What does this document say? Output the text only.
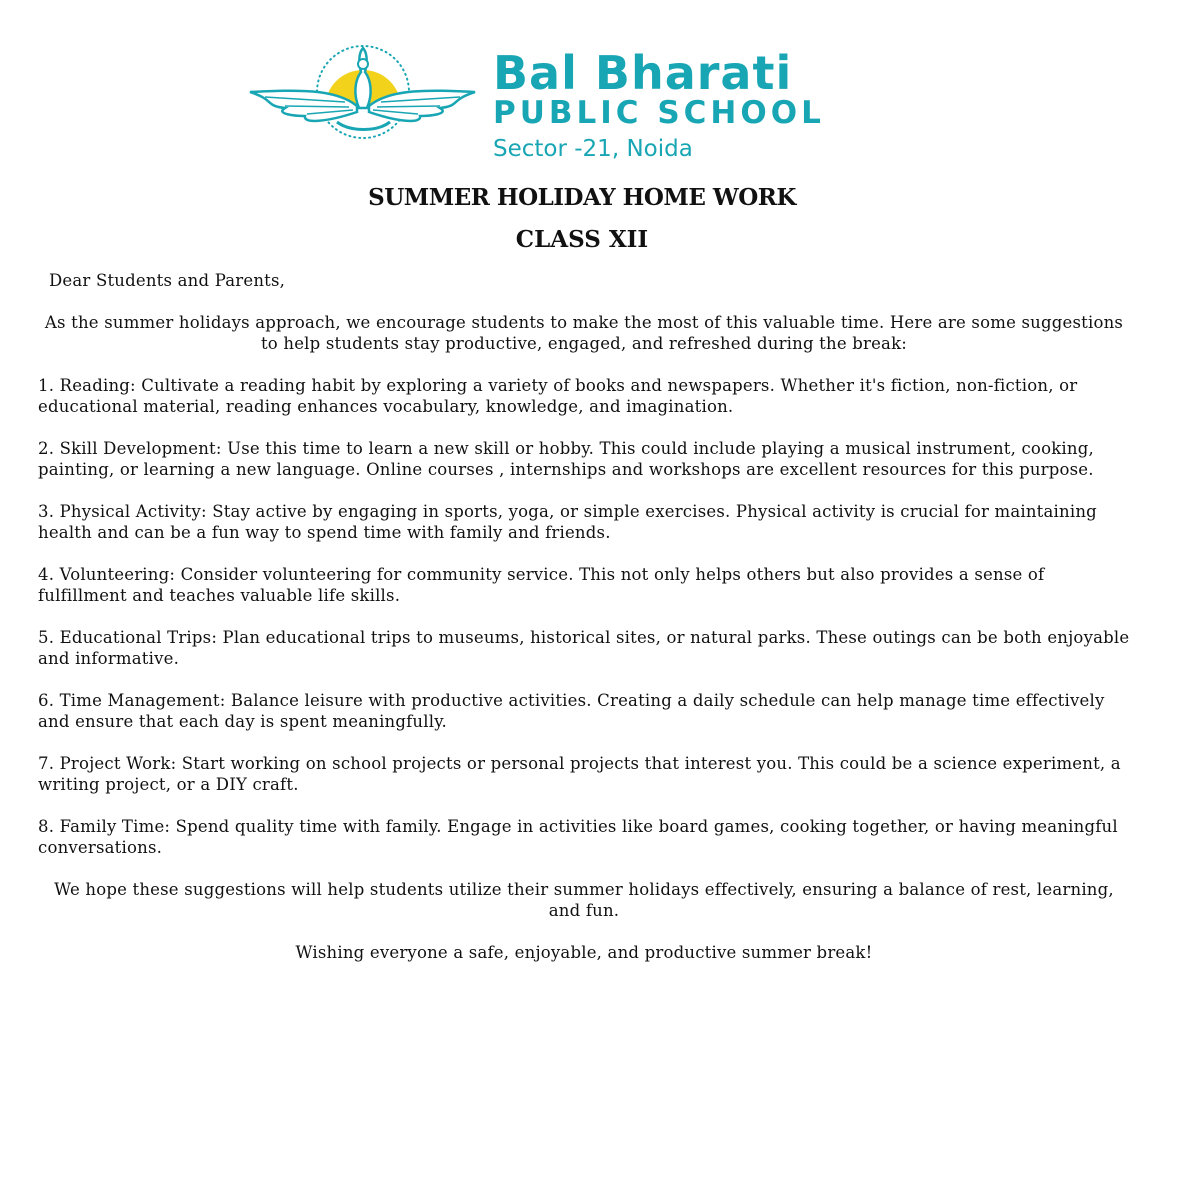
Bal Bharati
PUBLIC SCHOOL
Sector -21, Noida
SUMMER HOLIDAY HOME WORK
CLASS XII

Dear Students and Parents,

As the summer holidays approach, we encourage students to make the most of this valuable time. Here are some suggestions to help students stay productive, engaged, and refreshed during the break:

1. Reading: Cultivate a reading habit by exploring a variety of books and newspapers. Whether it's fiction, non-fiction, or educational material, reading enhances vocabulary, knowledge, and imagination.

2. Skill Development: Use this time to learn a new skill or hobby. This could include playing a musical instrument, cooking, painting, or learning a new language. Online courses , internships and workshops are excellent resources for this purpose.

3. Physical Activity: Stay active by engaging in sports, yoga, or simple exercises. Physical activity is crucial for maintaining health and can be a fun way to spend time with family and friends.

4. Volunteering: Consider volunteering for community service. This not only helps others but also provides a sense of fulfillment and teaches valuable life skills.

5. Educational Trips: Plan educational trips to museums, historical sites, or natural parks. These outings can be both enjoyable and informative.

6. Time Management: Balance leisure with productive activities. Creating a daily schedule can help manage time effectively and ensure that each day is spent meaningfully.

7. Project Work: Start working on school projects or personal projects that interest you. This could be a science experiment, a writing project, or a DIY craft.

8. Family Time: Spend quality time with family. Engage in activities like board games, cooking together, or having meaningful conversations.

We hope these suggestions will help students utilize their summer holidays effectively, ensuring a balance of rest, learning, and fun.

Wishing everyone a safe, enjoyable, and productive summer break!
